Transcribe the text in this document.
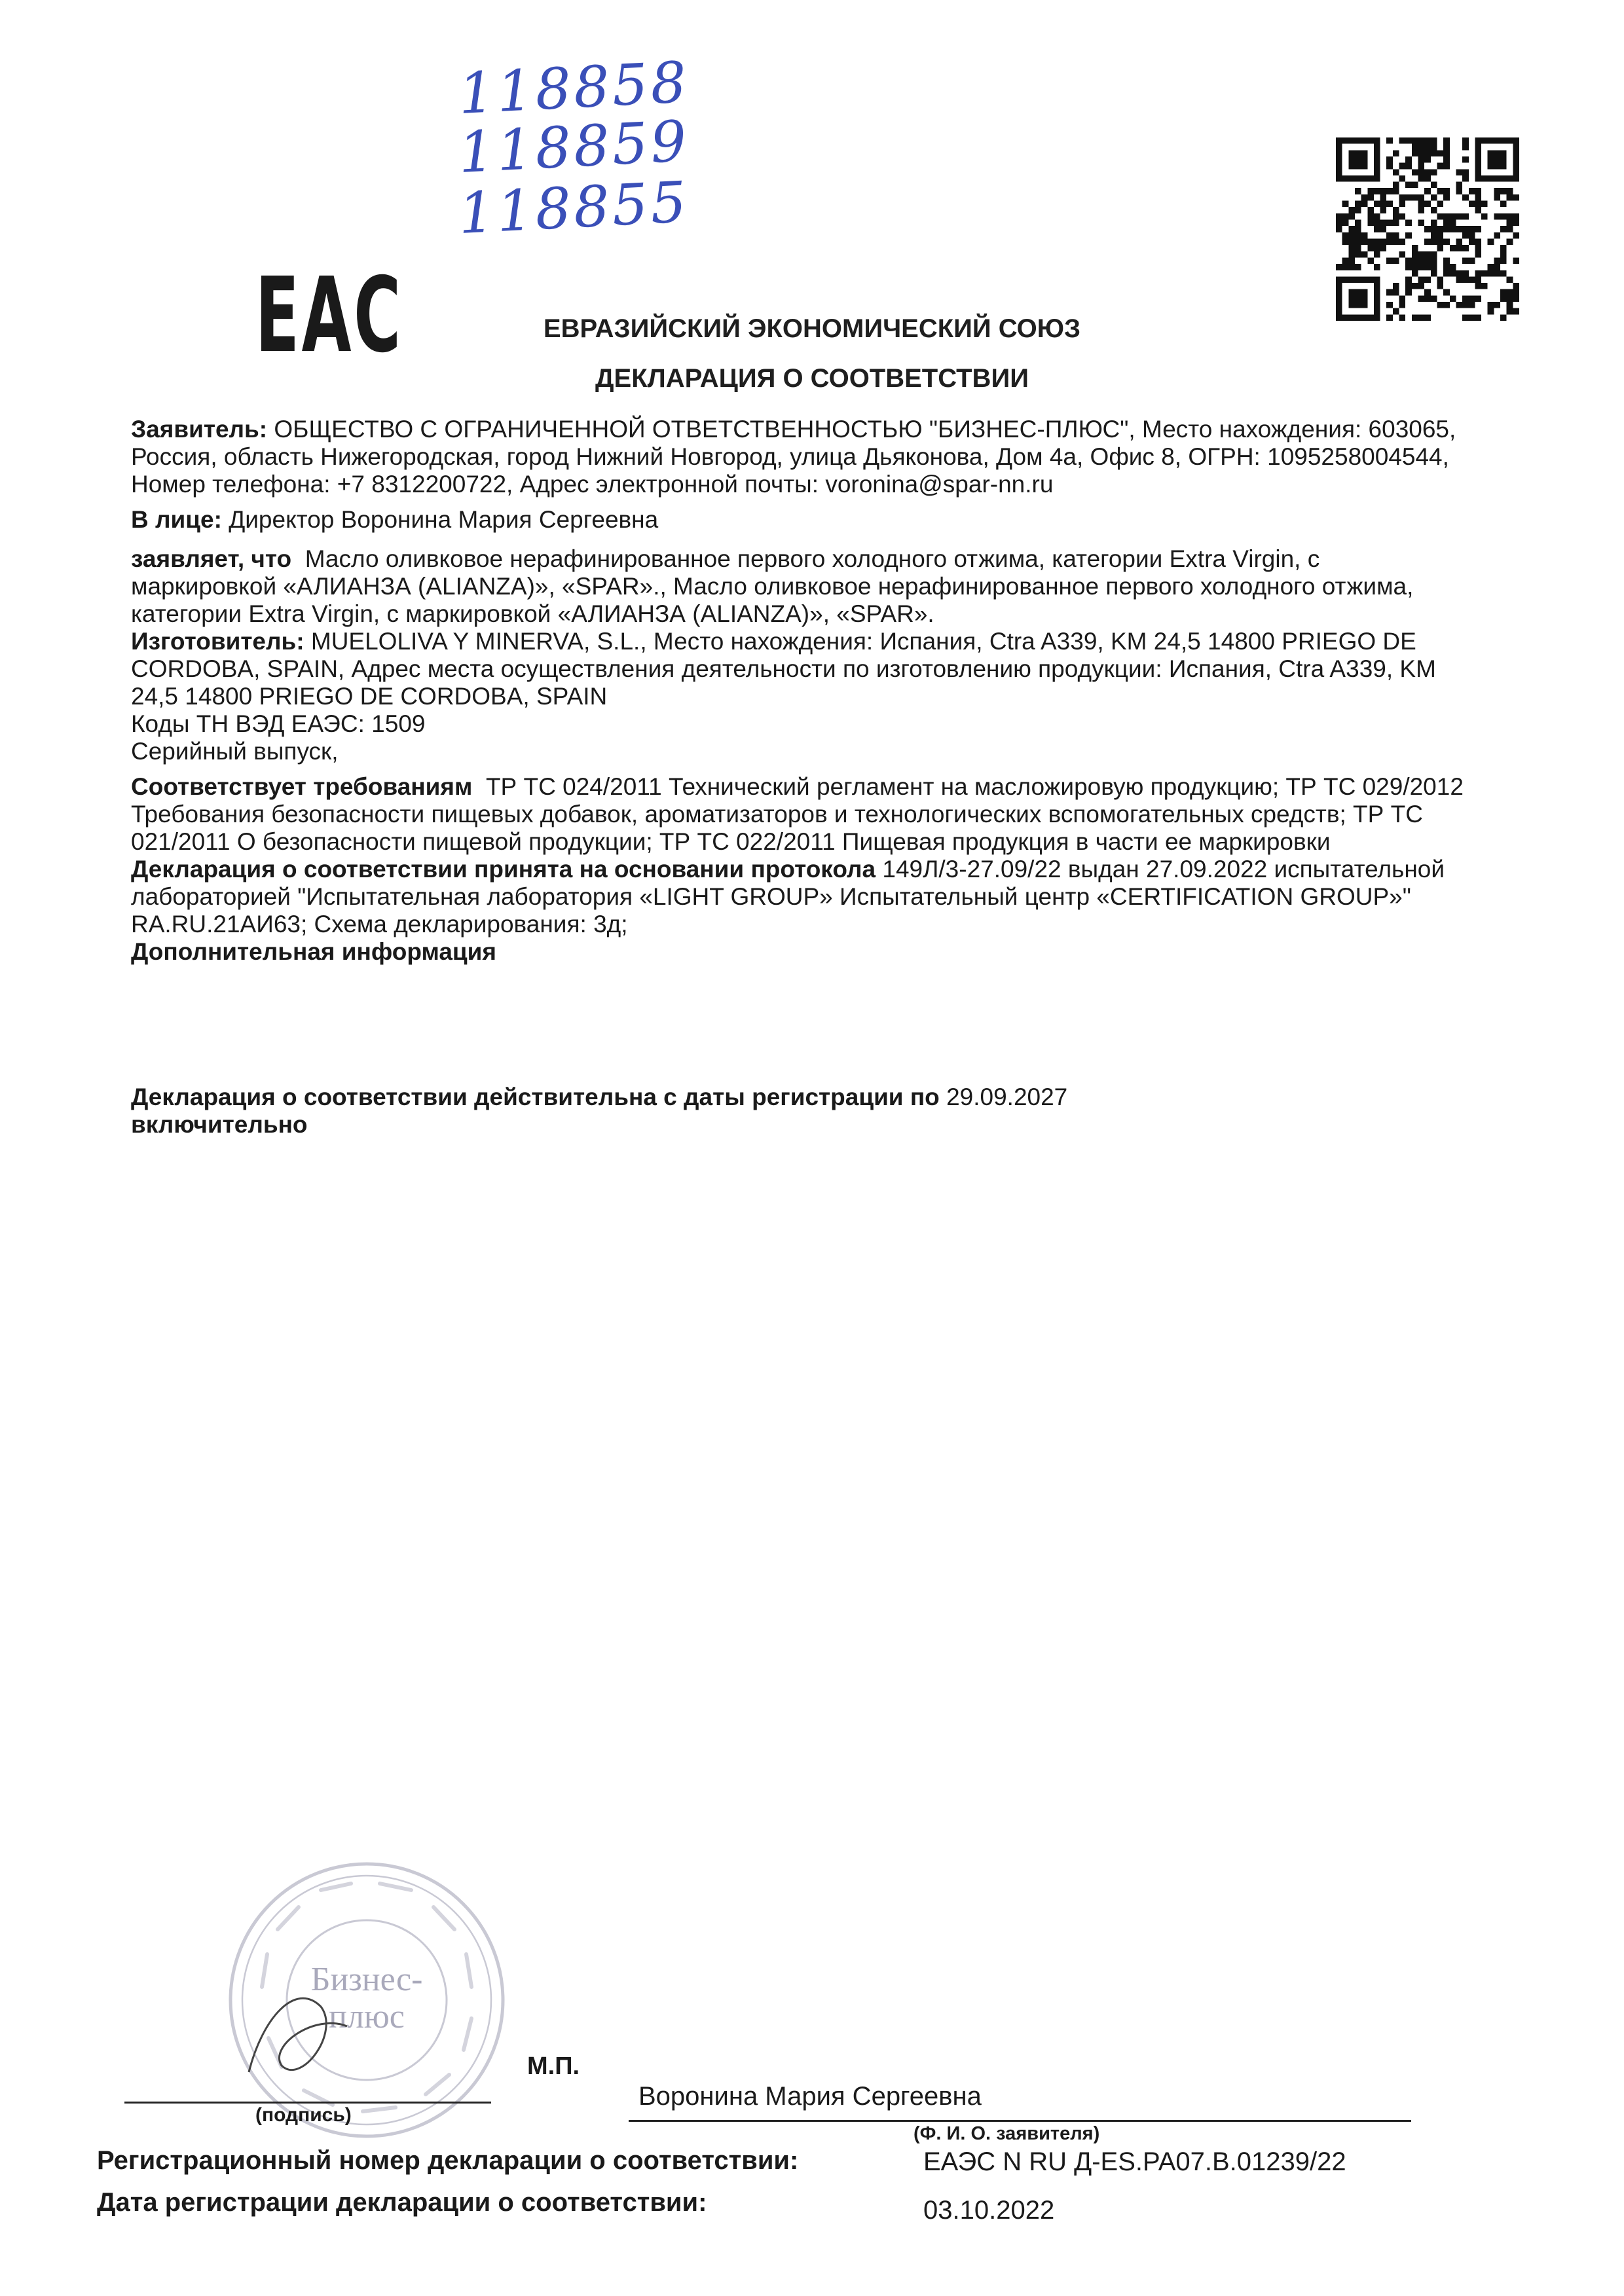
118858
118859
118855
ЕАС	ЕВРАЗИЙСКИЙ ЭКОНОМИЧЕСКИЙ СОЮЗ
ДЕКЛАРАЦИЯ О СООТВЕТСТВИИ

Заявитель: ОБЩЕСТВО С ОГРАНИЧЕННОЙ ОТВЕТСТВЕННОСТЬЮ "БИЗНЕС-ПЛЮС", Место нахождения: 603065, Россия, область Нижегородская, город Нижний Новгород, улица Дьяконова, Дом 4а, Офис 8, ОГРН: 1095258004544, Номер телефона: +7 8312200722, Адрес электронной почты: voronina@spar-nn.ru

В лице: Директор Воронина Мария Сергеевна

заявляет, что Масло оливковое нерафинированное первого холодного отжима, категории Extra Virgin, с маркировкой «АЛИАНЗА (ALIANZA)», «SPAR»., Масло оливковое нерафинированное первого холодного отжима, категории Extra Virgin, с маркировкой «АЛИАНЗА (ALIANZA)», «SPAR».

Изготовитель: MUELOLIVA Y MINERVA, S.L., Место нахождения: Испания, Ctra A339, KM 24,5 14800 PRIEGO DE CORDOBA, SPAIN, Адрес места осуществления деятельности по изготовлению продукции: Испания, Ctra A339, KM 24,5 14800 PRIEGO DE CORDOBA, SPAIN

Коды ТН ВЭД ЕАЭС: 1509

Серийный выпуск,

Соответствует требованиям ТР ТС 024/2011 Технический регламент на масложировую продукцию; ТР ТС 029/2012 Требования безопасности пищевых добавок, ароматизаторов и технологических вспомогательных средств; ТР ТС 021/2011 О безопасности пищевой продукции; ТР ТС 022/2011 Пищевая продукция в части ее маркировки

Декларация о соответствии принята на основании протокола 149Л/3-27.09/22 выдан 27.09.2022 испытательной лабораторией "Испытательная лаборатория «LIGHT GROUP» Испытательный центр «CERTIFICATION GROUP»" RA.RU.21АИ63; Схема декларирования: 3д;

Дополнительная информация

Декларация о соответствии действительна с даты регистрации по 29.09.2027
включительно

Бизнес-
плюс
М.П.
(подпись)
Воронина Мария Сергеевна
(Ф. И. О. заявителя)
Регистрационный номер декларации о соответствии:	ЕАЭС N RU Д-ES.PA07.B.01239/22
Дата регистрации декларации о соответствии:	03.10.2022
